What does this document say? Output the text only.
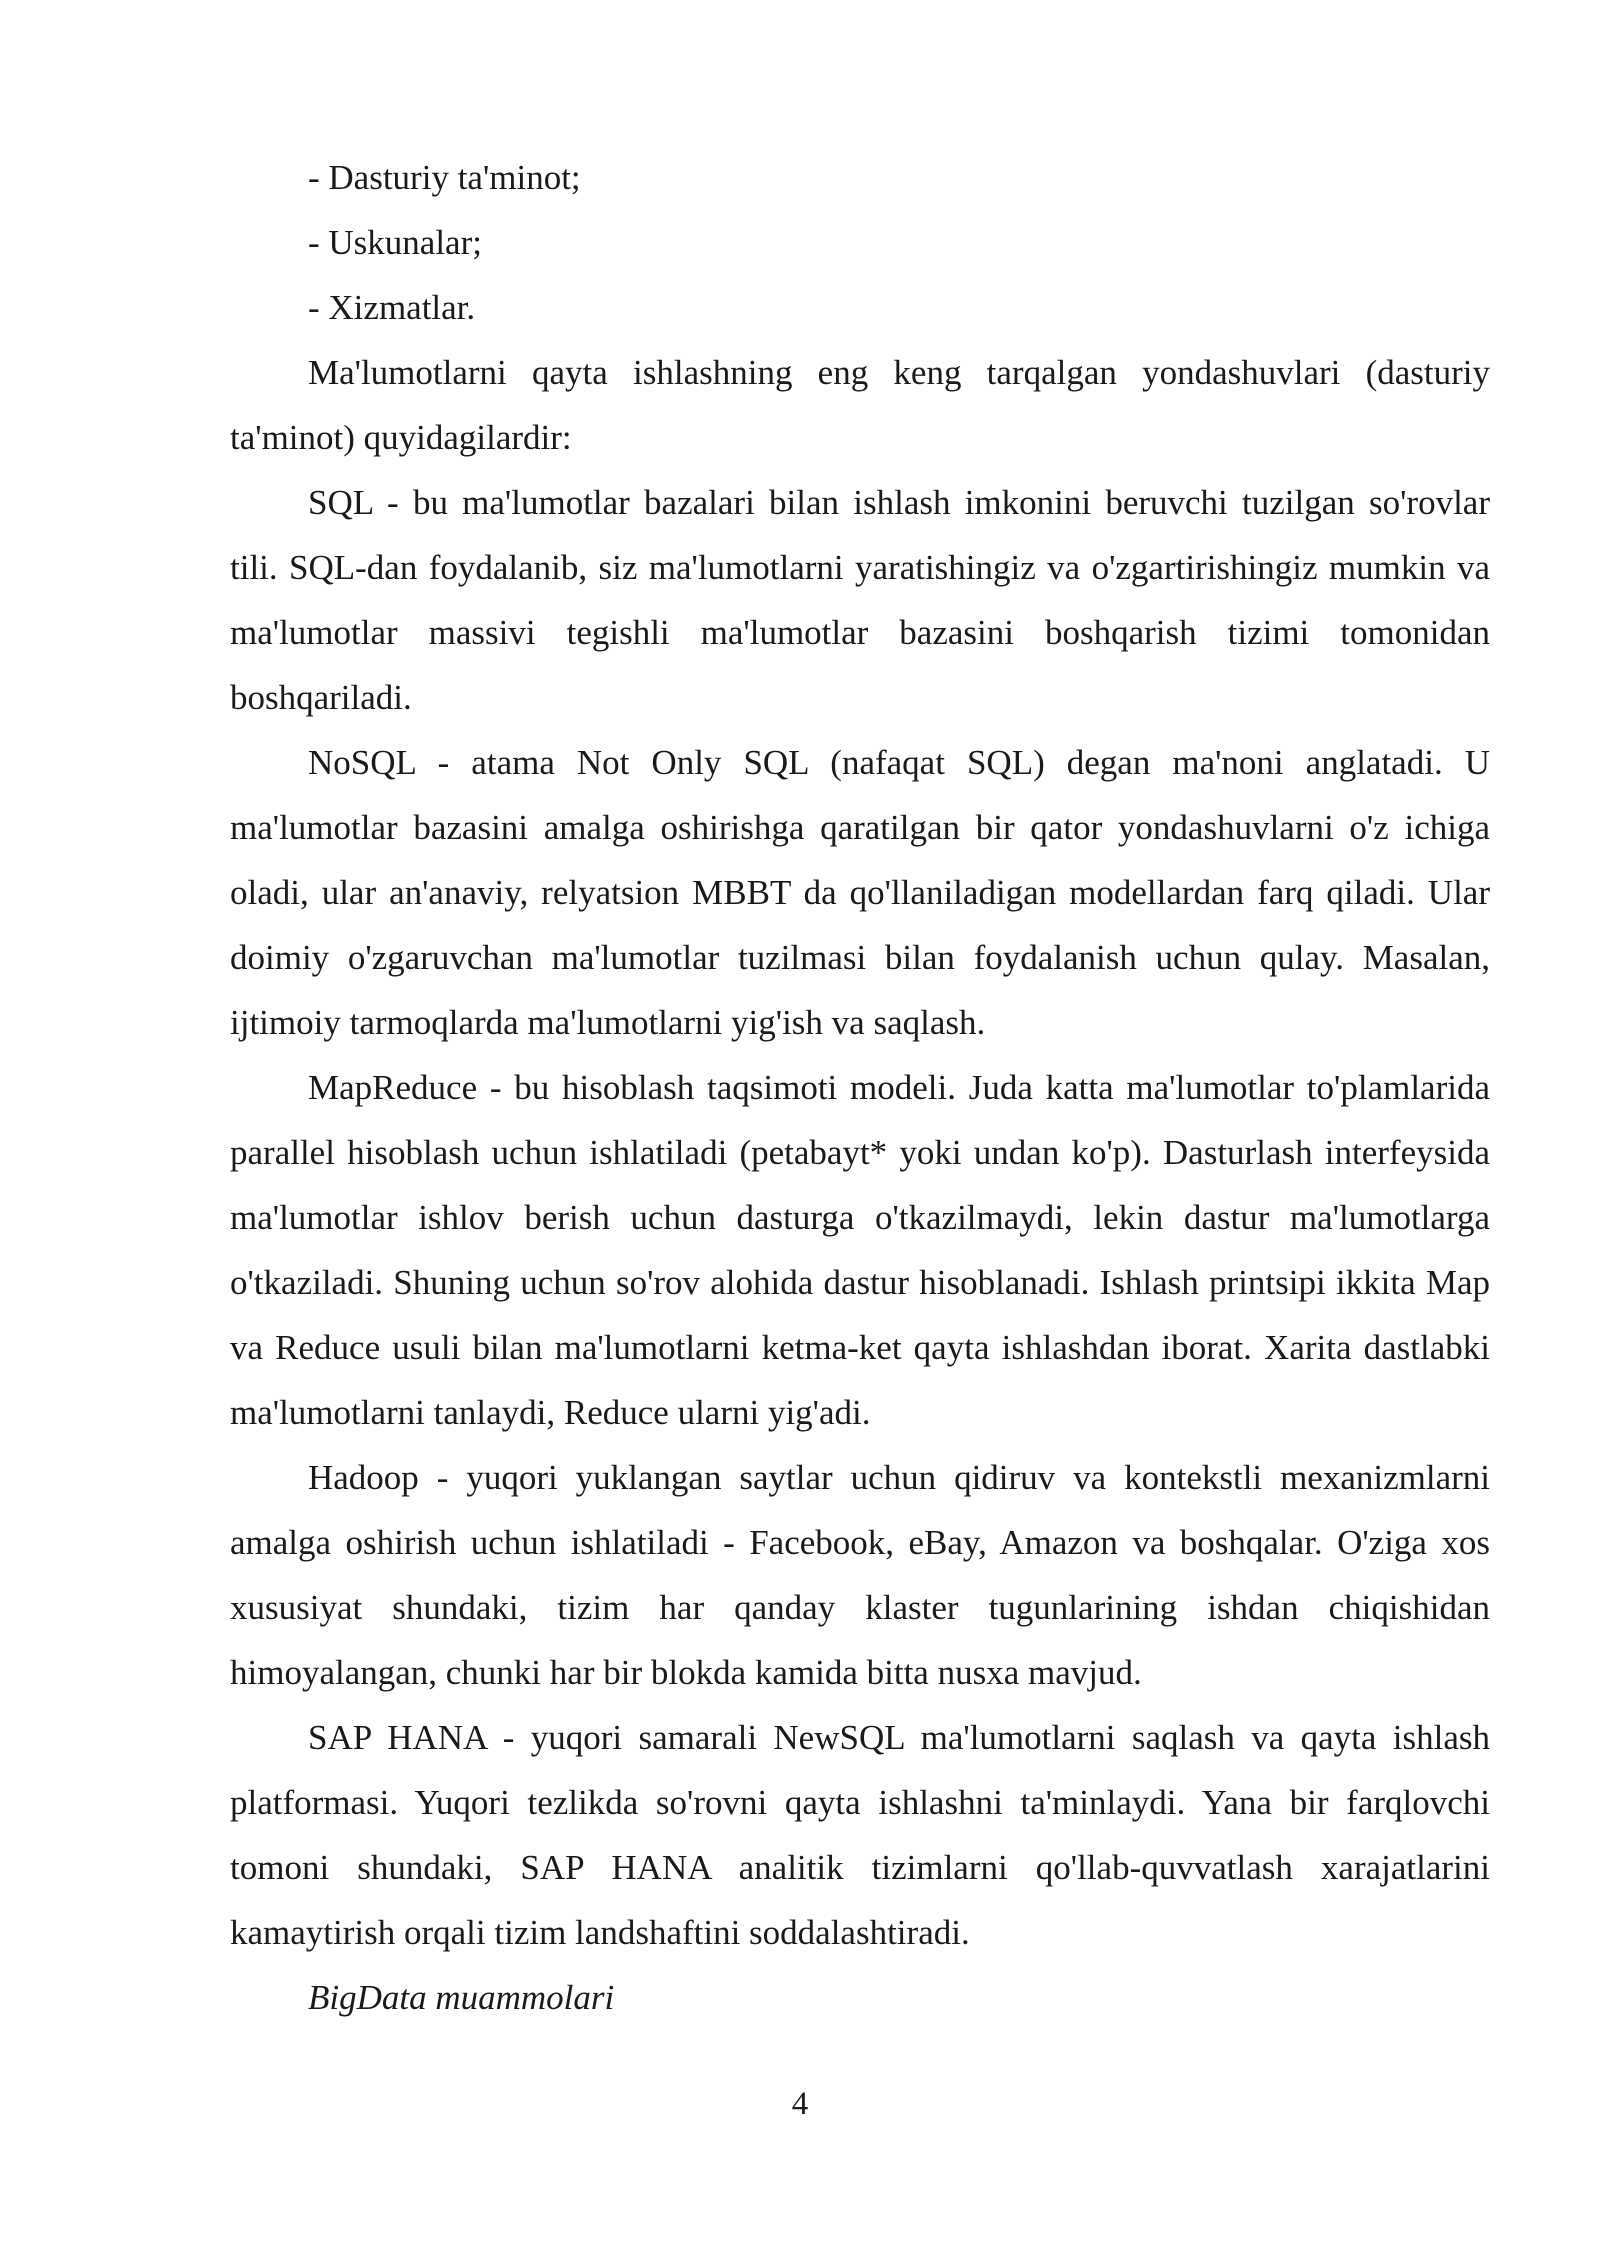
- Dasturiy ta'minot;

- Uskunalar;

- Xizmatlar.

Ma'lumotlarni qayta ishlashning eng keng tarqalgan yondashuvlari (dasturiy ta'minot) quyidagilardir:

SQL - bu ma'lumotlar bazalari bilan ishlash imkonini beruvchi tuzilgan so'rovlar tili. SQL-dan foydalanib, siz ma'lumotlarni yaratishingiz va o'zgartirishingiz mumkin va ma'lumotlar massivi tegishli ma'lumotlar bazasini boshqarish tizimi tomonidan boshqariladi.

NoSQL - atama Not Only SQL (nafaqat SQL) degan ma'noni anglatadi. U ma'lumotlar bazasini amalga oshirishga qaratilgan bir qator yondashuvlarni o'z ichiga oladi, ular an'anaviy, relyatsion MBBT da qo'llaniladigan modellardan farq qiladi. Ular doimiy o'zgaruvchan ma'lumotlar tuzilmasi bilan foydalanish uchun qulay. Masalan, ijtimoiy tarmoqlarda ma'lumotlarni yig'ish va saqlash.

MapReduce - bu hisoblash taqsimoti modeli. Juda katta ma'lumotlar to'plamlarida parallel hisoblash uchun ishlatiladi (petabayt* yoki undan ko'p). Dasturlash interfeysida ma'lumotlar ishlov berish uchun dasturga o'tkazilmaydi, lekin dastur ma'lumotlarga o'tkaziladi. Shuning uchun so'rov alohida dastur hisoblanadi. Ishlash printsipi ikkita Map va Reduce usuli bilan ma'lumotlarni ketma-ket qayta ishlashdan iborat. Xarita dastlabki ma'lumotlarni tanlaydi, Reduce ularni yig'adi.

Hadoop - yuqori yuklangan saytlar uchun qidiruv va kontekstli mexanizmlarni amalga oshirish uchun ishlatiladi - Facebook, eBay, Amazon va boshqalar. O'ziga xos xususiyat shundaki, tizim har qanday klaster tugunlarining ishdan chiqishidan himoyalangan, chunki har bir blokda kamida bitta nusxa mavjud.

SAP HANA - yuqori samarali NewSQL ma'lumotlarni saqlash va qayta ishlash platformasi. Yuqori tezlikda so'rovni qayta ishlashni ta'minlaydi. Yana bir farqlovchi tomoni shundaki, SAP HANA analitik tizimlarni qo'llab-quvvatlash xarajatlarini kamaytirish orqali tizim landshaftini soddalashtiradi.

BigData muammolari

4
